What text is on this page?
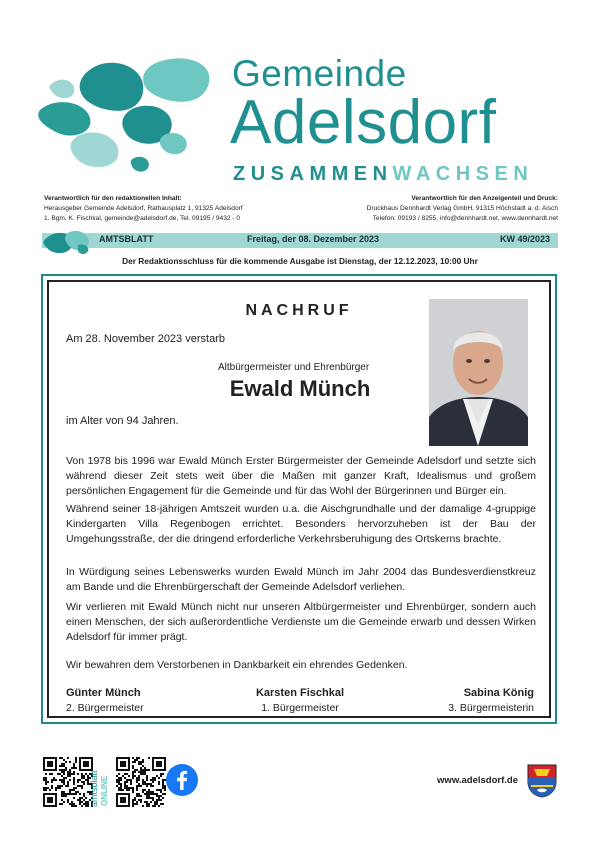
Gemeinde
Adelsdorf
ZUSAMMENWACHSEN
Verantwortlich für den redaktionellen Inhalt:
Herausgeber Gemeinde Adelsdorf, Rathausplatz 1, 91325 Adelsdorf
1. Bgm. K. Fischkal, gemeinde@adelsdorf.de, Tel. 09195 / 9432 - 0
Verantwortlich für den Anzeigenteil und Druck:
Druckhaus Dennhardt Verlag GmbH, 91315 Höchstadt a. d. Aisch
Telefon: 09193 / 8255, info@dennhardt.net, www.dennhardt.net
AMTSBLATT	Freitag, der 08. Dezember 2023	KW 49/2023
Der Redaktionsschluss für die kommende Ausgabe ist Dienstag, der 12.12.2023, 10:00 Uhr
NACHRUF
Am 28. November 2023 verstarb
Altbürgermeister und Ehrenbürger
Ewald Münch
im Alter von 94 Jahren.
Von 1978 bis 1996 war Ewald Münch Erster Bürgermeister der Gemeinde Adelsdorf und setzte sich während dieser Zeit stets weit über die Maßen mit ganzer Kraft, Idealismus und großem persönlichen Engagement für die Gemeinde und für das Wohl der Bürgerinnen und Bürger ein.
Während seiner 18-jährigen Amtszeit wurden u.a. die Aischgrundhalle und der damalige 4-gruppige Kindergarten Villa Regenbogen errichtet. Besonders hervorzuheben ist der Bau der Umgehungsstraße, der die dringend erforderliche Verkehrsberuhigung des Ortskerns brachte.
In Würdigung seines Lebenswerks wurden Ewald Münch im Jahr 2004 das Bundesverdienstkreuz am Bande und die Ehrenbürgerschaft der Gemeinde Adelsdorf verliehen.
Wir verlieren mit Ewald Münch nicht nur unseren Altbürgermeister und Ehrenbürger, sondern auch einen Menschen, der sich außerordentliche Verdienste um die Gemeinde erwarb und dessen Wirken Adelsdorf für immer prägt.
Wir bewahren dem Verstorbenen in Dankbarkeit ein ehrendes Gedenken.
Günter Münch
2. Bürgermeister
Karsten Fischkal
1. Bürgermeister
Sabina König
3. Bürgermeisterin
amtsblatt ONLINE	www.adelsdorf.de
